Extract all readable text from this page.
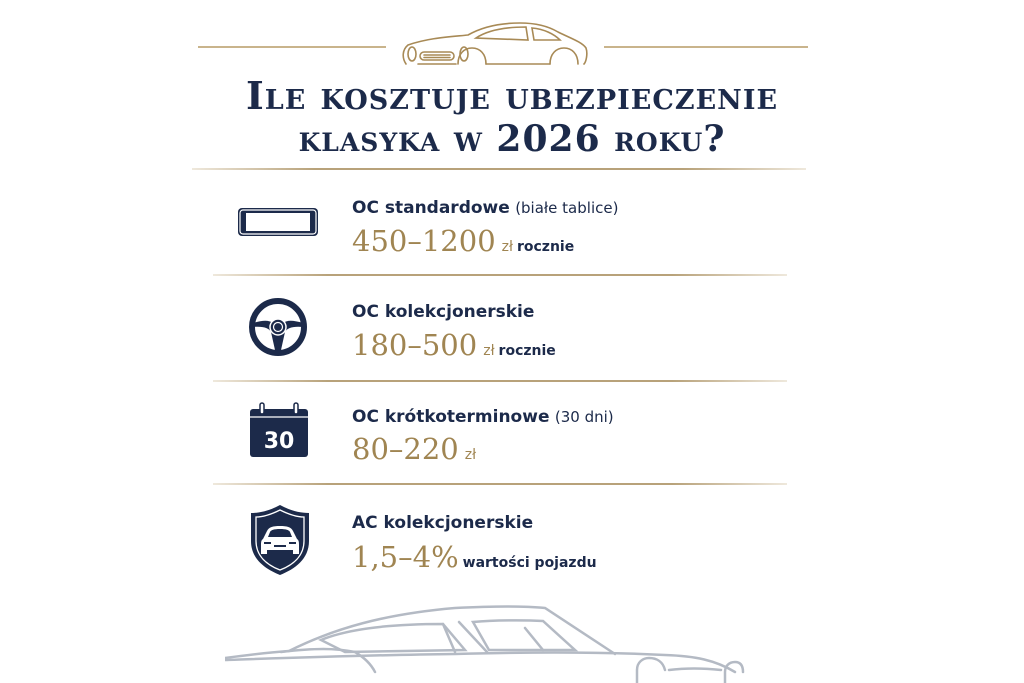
Ile kosztuje ubezpieczenie
klasyka w 2026 roku?
OC standardowe (białe tablice)
450–1200 zł rocznie
OC kolekcjonerskie
180–500 zł rocznie
30
OC krótkoterminowe (30 dni)
80–220 zł
AC kolekcjonerskie
1,5–4% wartości pojazdu
